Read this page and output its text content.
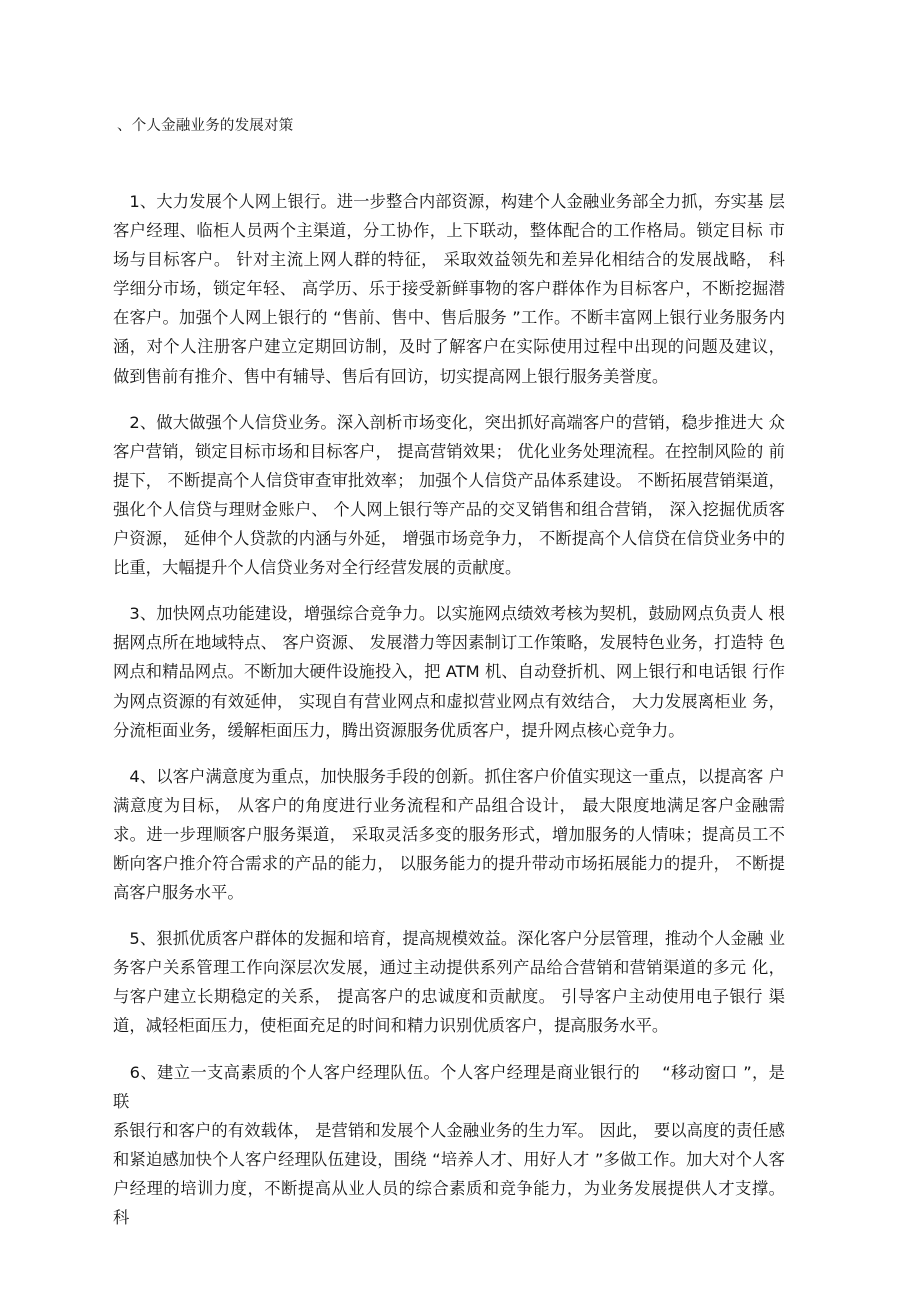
、个人金融业务的发展对策
　1、大力发展个人网上银行。进一步整合内部资源，构建个人金融业务部全力抓，夯实基 层客户经理、临柜人员两个主渠道，分工协作，上下联动，整体配合的工作格局。锁定目标 市场与目标客户。 针对主流上网人群的特征， 采取效益领先和差异化相结合的发展战略， 科 学细分市场，锁定年轻、 高学历、乐于接受新鲜事物的客户群体作为目标客户，不断挖掘潜 在客户。加强个人网上银行的 “售前、售中、售后服务 ”工作。不断丰富网上银行业务服务内 涵，对个人注册客户建立定期回访制，及时了解客户在实际使用过程中出现的问题及建议， 做到售前有推介、售中有辅导、售后有回访，切实提高网上银行服务美誉度。
　2、做大做强个人信贷业务。深入剖析市场变化，突出抓好高端客户的营销，稳步推进大 众客户营销，锁定目标市场和目标客户， 提高营销效果； 优化业务处理流程。在控制风险的 前提下， 不断提高个人信贷审查审批效率； 加强个人信贷产品体系建设。 不断拓展营销渠道，强化个人信贷与理财金账户、 个人网上银行等产品的交叉销售和组合营销， 深入挖掘优质客户资源， 延伸个人贷款的内涵与外延， 增强市场竞争力， 不断提高个人信贷在信贷业务中的比重，大幅提升个人信贷业务对全行经营发展的贡献度。
　3、加快网点功能建设，增强综合竞争力。以实施网点绩效考核为契机，鼓励网点负责人 根据网点所在地域特点、 客户资源、 发展潜力等因素制订工作策略，发展特色业务，打造特 色网点和精品网点。不断加大硬件设施投入，把 ATM 机、自动登折机、网上银行和电话银 行作为网点资源的有效延伸， 实现自有营业网点和虚拟营业网点有效结合， 大力发展离柜业 务，分流柜面业务，缓解柜面压力，腾出资源服务优质客户，提升网点核心竞争力。
　4、以客户满意度为重点，加快服务手段的创新。抓住客户价值实现这一重点，以提高客 户满意度为目标， 从客户的角度进行业务流程和产品组合设计， 最大限度地满足客户金融需 求。进一步理顺客户服务渠道， 采取灵活多变的服务形式，增加服务的人情味；提高员工不 断向客户推介符合需求的产品的能力， 以服务能力的提升带动市场拓展能力的提升， 不断提 高客户服务水平。
　5、狠抓优质客户群体的发掘和培育，提高规模效益。深化客户分层管理，推动个人金融 业务客户关系管理工作向深层次发展，通过主动提供系列产品给合营销和营销渠道的多元 化，与客户建立长期稳定的关系， 提高客户的忠诚度和贡献度。 引导客户主动使用电子银行 渠道，减轻柜面压力，使柜面充足的时间和精力识别优质客户，提高服务水平。
　6、建立一支高素质的个人客户经理队伍。个人客户经理是商业银行的 　“移动窗口 ”，是联
系银行和客户的有效载体， 是营销和发展个人金融业务的生力军。 因此， 要以高度的责任感和紧迫感加快个人客户经理队伍建设，围绕 “培养人才、用好人才 ”多做工作。加大对个人客户经理的培训力度，不断提高从业人员的综合素质和竞争能力，为业务发展提供人才支撑。 科
